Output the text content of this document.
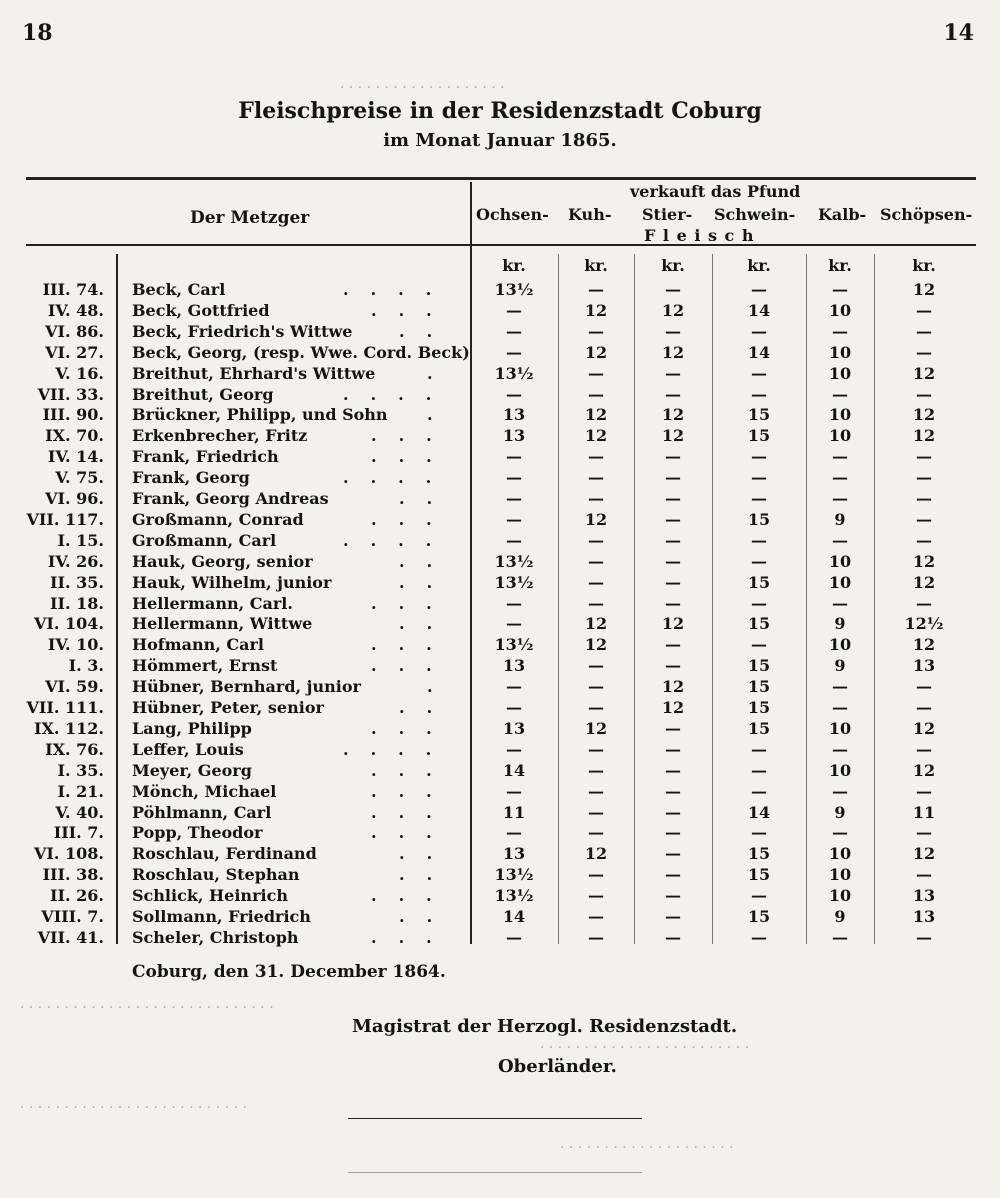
· · · · · · · · · · · · · · · · · · ·
· · · · · · · · · · · · · · · · · · · · · · · · · · · · ·
· · · · · · · · · · · · · · · · · · · · · · · ·
· · · · · · · · · · · · · · · · · · · · · · · · · ·
· · · · · · · · · · · · · · · · · · · ·
18	14
Fleischpreise in der Residenzstadt Coburg
im Monat Januar 1865.
Der Metzger
verkauft das Pfund
F l e i s c h
Ochsen- Kuh- Stier- Schwein- Kalb- Schöpsen-
kr.	kr.	kr.	kr.	kr.	kr.
III. 74. Beck, Carl	....	13½	—	—	—	—	12
IV. 48. Beck, Gottfried	...	—	12	12	14	10	—
VI. 86. Beck, Friedrich's Wittwe	..	—	—	—	—	—	—
VI. 27. Beck, Georg, (resp. Wwe. Cord. Beck)	—	12	12	14	10	—
V. 16. Breithut, Ehrhard's Wittwe	.	13½	—	—	—	10	12
VII. 33. Breithut, Georg	....	—	—	—	—	—	—
III. 90. Brückner, Philipp, und Sohn	.	13	12	12	15	10	12
IX. 70. Erkenbrecher, Fritz	...	13	12	12	15	10	12
IV. 14. Frank, Friedrich	...	—	—	—	—	—	—
V. 75. Frank, Georg	....	—	—	—	—	—	—
VI. 96. Frank, Georg Andreas	..	—	—	—	—	—	—
VII. 117. Großmann, Conrad	...	—	12	—	15	9	—
I. 15. Großmann, Carl	....	—	—	—	—	—	—
IV. 26. Hauk, Georg, senior	..	13½	—	—	—	10	12
II. 35. Hauk, Wilhelm, junior	..	13½	—	—	15	10	12
II. 18. Hellermann, Carl.	...	—	—	—	—	—	—
VI. 104. Hellermann, Wittwe	..	—	12	12	15	9	12½
IV. 10. Hofmann, Carl	...	13½	12	—	—	10	12
I. 3. Hömmert, Ernst	...	13	—	—	15	9	13
VI. 59. Hübner, Bernhard, junior	.	—	—	12	15	—	—
VII. 111. Hübner, Peter, senior	..	—	—	12	15	—	—
IX. 112. Lang, Philipp	...	13	12	—	15	10	12
IX. 76. Leffer, Louis	....	—	—	—	—	—	—
I. 35. Meyer, Georg	...	14	—	—	—	10	12
I. 21. Mönch, Michael	...	—	—	—	—	—	—
V. 40. Pöhlmann, Carl	...	11	—	—	14	9	11
III. 7. Popp, Theodor	...	—	—	—	—	—	—
VI. 108. Roschlau, Ferdinand	..	13	12	—	15	10	12
III. 38. Roschlau, Stephan	..	13½	—	—	15	10	—
II. 26. Schlick, Heinrich	...	13½	—	—	—	10	13
VIII. 7. Sollmann, Friedrich	..	14	—	—	15	9	13
VII. 41. Scheler, Christoph	...	—	—	—	—	—	—
Coburg, den 31. December 1864.
Magistrat der Herzogl. Residenzstadt.
Oberländer.
